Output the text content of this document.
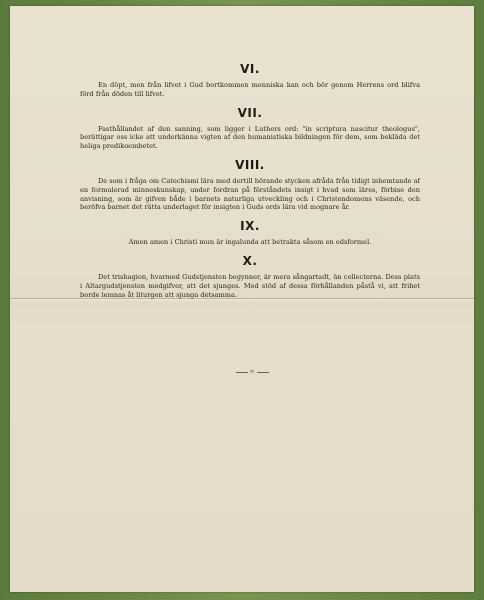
VI.

En döpt, men från lifvet i Gud bortkommen menniska kan och bör genom Herrens ord blifva förd från döden till lifvet.

VII.

Fasthållandet af den sanning, som ligger i Luthers ord: "in scriptura nascitur theologus", berättigar oss icke att underkänna vigten af den humanistiska bildningen för dem, som bekläda det heliga predikoembetet.

VIII.

De som i fråga om Catechismi lära med dertill hörande stycken afråda från tidigt inhemtande af en formulerad minneskunskap, under fordran på förståndets insigt i hvad som läres, förbise den anvisning, som är gifven både i barnets naturliga utveckling och i Christendomens väsende, och beröfva barnet det rätta underlaget för insigten i Guds ords lära vid mognare år.

IX.

Amen amen i Christi mun är ingalunda att betrakta såsom en edsformel.

X.

Det trishagion, hvarmed Gudstjensten begynner, är mera sångartadt, än collecterna. Dess plats i Altargudstjensten medgifver, att det sjunges. Med stöd af dessa förhållanden påstå vi, att frihet borde lemnas åt liturgen att sjunga detsamma.

∞
